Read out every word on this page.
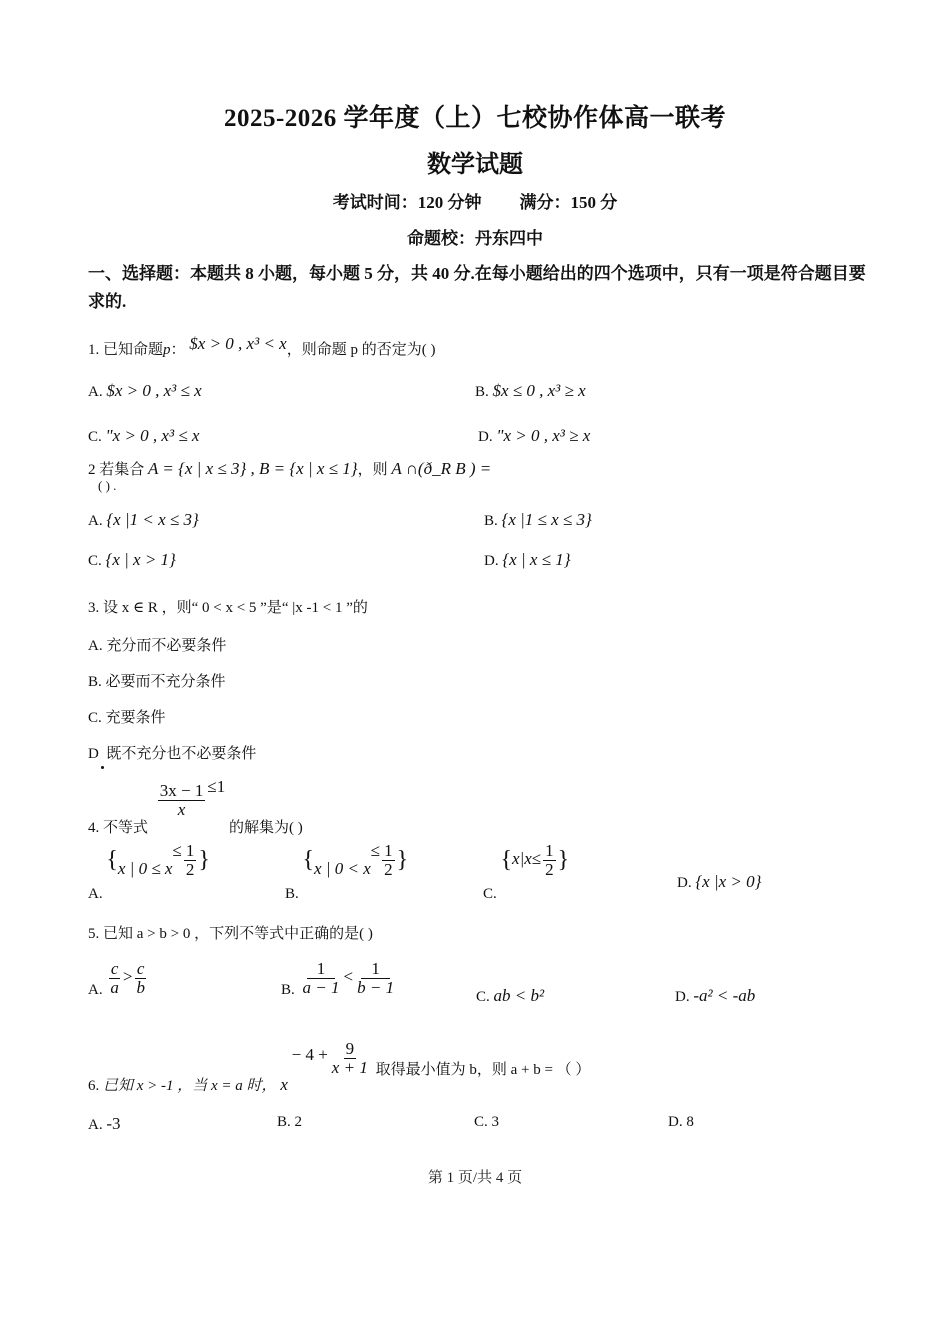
2025-2026 学年度（上）七校协作体高一联考
数学试题
考试时间：120 分钟 满分：150 分
命题校：丹东四中
一、选择题：本题共 8 小题，每小题 5 分，共 40 分.在每小题给出的四个选项中，只有一项是符合题目要求的.
1. 已知命题p： $x > 0 , x³ < x，则命题 p 的否定为( )
A. $x > 0 , x³ ≤ x	B. $x ≤ 0 , x³ ≥ x
C. "x > 0 , x³ ≤ x	D. "x > 0 , x³ ≥ x
2 若集合 A = {x | x ≤ 3} , B = {x | x ≤ 1}，则 A ∩(ð_R B ) =
( ) .
A. {x |1 < x ≤ 3}	B. {x |1 ≤ x ≤ 3}
C. {x | x > 1}	D. {x | x ≤ 1}
3. 设 x ∈ R ，则“ 0 < x < 5 ”是“ |x -1 < 1 ”的
A. 充分而不必要条件
B. 必要而不充分条件
C. 充要条件
D 既不充分也不必要条件
4. 不等式
$\frac{3x - 1}{x} \le 1$ 的解集为( )
A. {x | $0 \le x\le \frac{1}{2}$ }
B. {x | $0 < x\le \frac{1}{2}$ }
C. {$x|x\le \frac{1}{2}$ }
D. {x |x > 0}
5. 已知 a > b > 0 ，下列不等式中正确的是( )
A. $\frac{c}{a} > \frac{c}{b}$	B. $\frac{1}{a - 1} < \frac{1}{b - 1}$
C. ab < b²	D. -a² < -ab
6. 已知 x > -1 ，当 x = a 时， $x - 4 + \frac{9}{x + 1}$ 取得最小值为 b，则 a + b = （ ）
A. -3	B. 2	C. 3	D. 8
第 1 页/共 4 页
